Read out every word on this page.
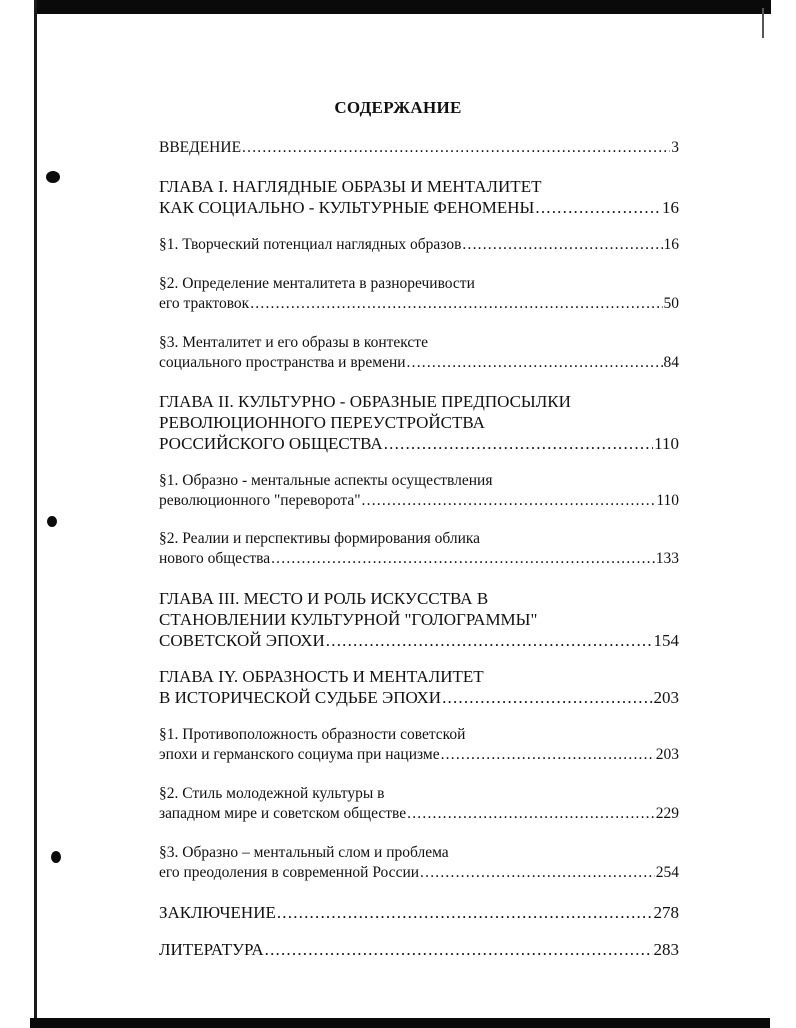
СОДЕРЖАНИЕ
ВВЕДЕНИЕ .....	3
ГЛАВА I. НАГЛЯДНЫЕ ОБРАЗЫ И МЕНТАЛИТЕТ
КАК СОЦИАЛЬНО - КУЛЬТУРНЫЕ ФЕНОМЕНЫ .....	16
§1. Творческий потенциал наглядных образов .....	16
§2. Определение менталитета в разноречивости
его трактовок .....	50
§3. Менталитет и его образы в контексте
социального пространства и времени .....	84
ГЛАВА II. КУЛЬТУРНО - ОБРАЗНЫЕ ПРЕДПОСЫЛКИ
РЕВОЛЮЦИОННОГО ПЕРЕУСТРОЙСТВА
РОССИЙСКОГО ОБЩЕСТВА .....	110
§1. Образно - ментальные аспекты осуществления
революционного "переворота" .....	110
§2. Реалии и перспективы формирования облика
нового общества .....	133
ГЛАВА III. МЕСТО И РОЛЬ ИСКУССТВА В
СТАНОВЛЕНИИ КУЛЬТУРНОЙ "ГОЛОГРАММЫ"
СОВЕТСКОЙ ЭПОХИ .....	154
ГЛАВА IY. ОБРАЗНОСТЬ И МЕНТАЛИТЕТ
В ИСТОРИЧЕСКОЙ СУДЬБЕ ЭПОХИ .....	203
§1. Противоположность образности советской
эпохи и германского социума при нацизме .....	203
§2. Стиль молодежной культуры в
западном мире и советском обществе .....	229
§3. Образно – ментальный слом и проблема
его преодоления в современной России .....	254
ЗАКЛЮЧЕНИЕ .....	278
ЛИТЕРАТУРА .....	283
